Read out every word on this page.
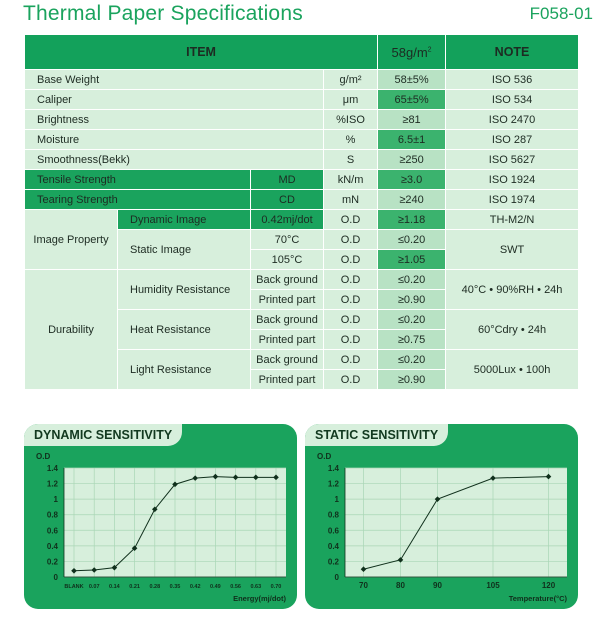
Thermal Paper Specifications	F058-01
ITEM				$58g/m^2$	NOTE
Base Weight			g/m²	58±5%	ISO 536
Caliper			μm	65±5%	ISO 534
Brightness			%ISO	≥81	ISO 2470
Moisture			%	6.5±1	ISO 287
Smoothness(Bekk)			S	≥250	ISO 5627
Tensile Strength		MD	kN/m	≥3.0	ISO 1924
Tearing Strength		CD	mN	≥240	ISO 1974
Image Property	Dynamic Image	0.42mj/dot	O.D	≥1.18	TH-M2/N
	Static Image	70°C	O.D	≤0.20	SWT
		105°C	O.D	≥1.05	
Durability	Humidity Resistance	Back ground	O.D	≤0.20	40°C • 90%RH • 24h
		Printed part	O.D	≥0.90	
	Heat Resistance	Back ground	O.D	≤0.20	60°Cdry • 24h
		Printed part	O.D	≥0.75	
	Light Resistance	Back ground	O.D	≤0.20	5000Lux • 100h
		Printed part	O.D	≥0.90	
DYNAMIC SENSITIVITY
0
0.2
0.4
0.6
0.8
1
1.2
1.4
BLANK 0.07 0.14 0.21 0.28 0.35 0.42 0.49 0.56 0.63 0.70
O.D
Energy(mj/dot)
STATIC SENSITIVITY
0
0.2
0.4
0.6
0.8
1
1.2
1.4
70	80	90	105	120
O.D
Temperature(°C)
